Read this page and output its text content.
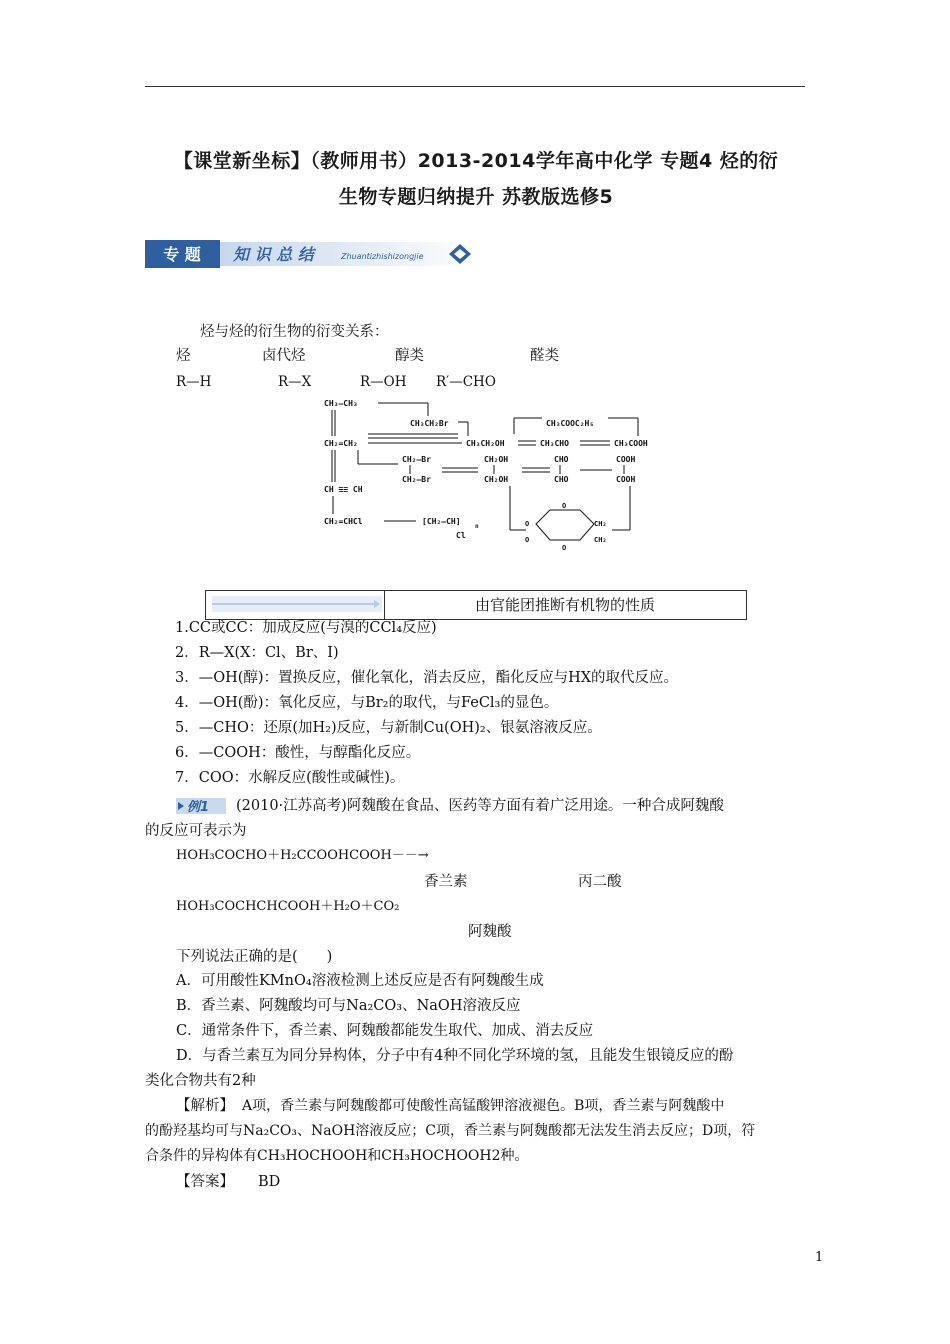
【课堂新坐标】（教师用书）2013-2014学年高中化学 专题4 烃的衍
生物专题归纳提升 苏教版选修5
专 题 知 识 总 结	Zhuantizhishizongjie
烃与烃的衍生物的衍变关系：
烃	卤代烃	醇类	醛类
R—H	R—X	R—OH R′—CHO
CH₃—CH₃
CH₃CH₂Br	CH₃COOC₂H₅
CH₂=CH₂	CH₃CH₂OH	CH₃CHO	CH₃COOH
CH₂—Br
CH₂—Br
CH₂OH
CH₂OH
CHO
CHO
COOH
COOH
CH ≡≡ CH
CH₂=CHCl	[CH₂—CH]
Cl
n
O
O
O
O
CH₂
CH₂
由官能团推断有机物的性质
1.CC或CC：加成反应(与溴的CCl₄反应)
2．R—X(X：Cl、Br、I)
3．—OH(醇)：置换反应，催化氧化，消去反应，酯化反应与HX的取代反应。
4．—OH(酚)：氧化反应，与Br₂的取代，与FeCl₃的显色。
5．—CHO：还原(加H₂)反应，与新制Cu(OH)₂、银氨溶液反应。
6．—COOH：酸性，与醇酯化反应。
7．COO：水解反应(酸性或碱性)。
例1 (2010·江苏高考)阿魏酸在食品、医药等方面有着广泛用途。一种合成阿魏酸
的反应可表示为
HOH₃COCHO＋H₂CCOOHCOOH－－→
香兰素	丙二酸
HOH₃COCHCHCOOH＋H₂O＋CO₂
阿魏酸
下列说法正确的是(　　)
A．可用酸性KMnO₄溶液检测上述反应是否有阿魏酸生成
B．香兰素、阿魏酸均可与Na₂CO₃、NaOH溶液反应
C．通常条件下，香兰素、阿魏酸都能发生取代、加成、消去反应
D．与香兰素互为同分异构体，分子中有4种不同化学环境的氢，且能发生银镜反应的酚
类化合物共有2种
【解析】 A项，香兰素与阿魏酸都可使酸性高锰酸钾溶液褪色。B项，香兰素与阿魏酸中
的酚羟基均可与Na₂CO₃、NaOH溶液反应；C项，香兰素与阿魏酸都无法发生消去反应；D项，符
合条件的异构体有CH₃HOCHOOH和CH₃HOCHOOH2种。
【答案】 BD
1
